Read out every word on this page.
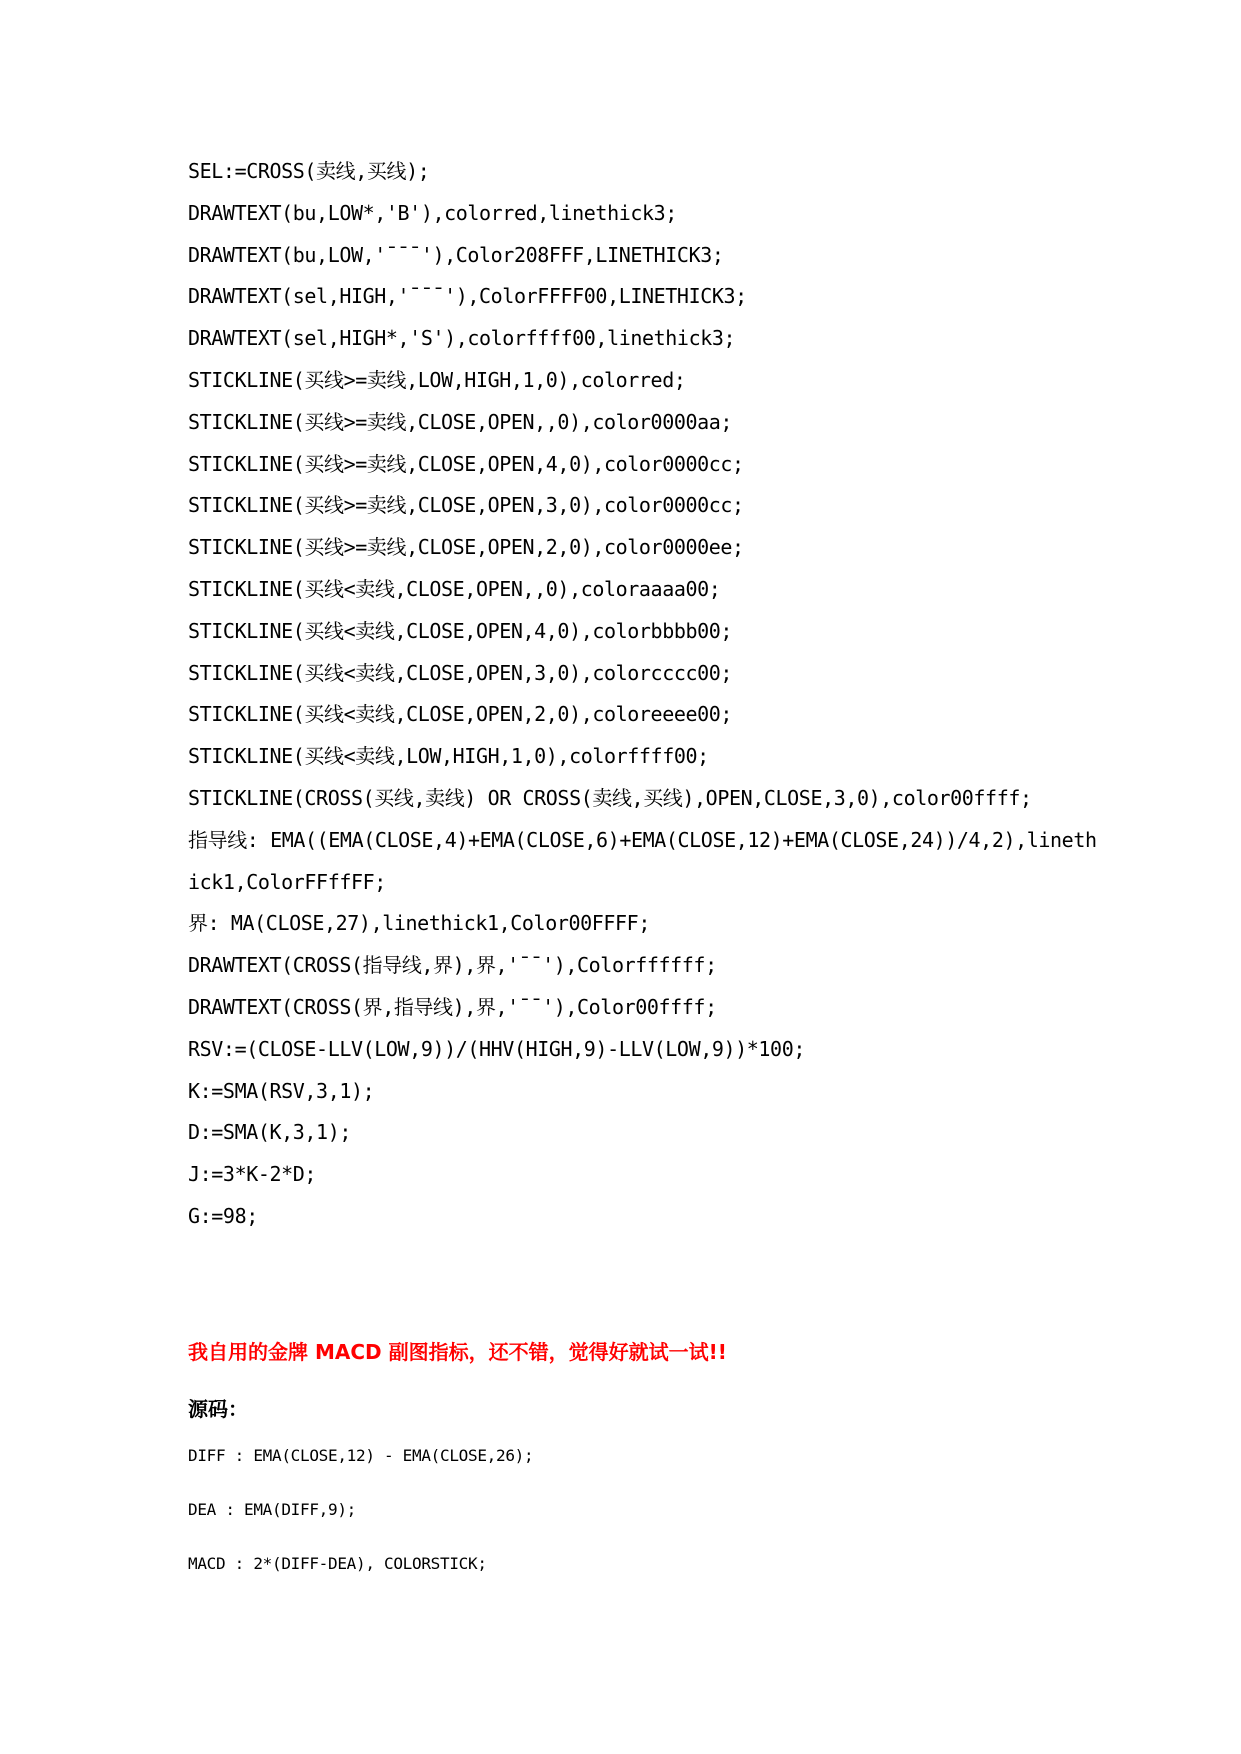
SEL:=CROSS(卖线,买线);
DRAWTEXT(bu,LOW*,'B'),colorred,linethick3;
DRAWTEXT(bu,LOW,'¯¯¯'),Color208FFF,LINETHICK3;
DRAWTEXT(sel,HIGH,'¯¯¯'),ColorFFFF00,LINETHICK3;
DRAWTEXT(sel,HIGH*,'S'),colorffff00,linethick3;
STICKLINE(买线>=卖线,LOW,HIGH,1,0),colorred;
STICKLINE(买线>=卖线,CLOSE,OPEN,,0),color0000aa;
STICKLINE(买线>=卖线,CLOSE,OPEN,4,0),color0000cc;
STICKLINE(买线>=卖线,CLOSE,OPEN,3,0),color0000cc;
STICKLINE(买线>=卖线,CLOSE,OPEN,2,0),color0000ee;
STICKLINE(买线<卖线,CLOSE,OPEN,,0),coloraaaa00;
STICKLINE(买线<卖线,CLOSE,OPEN,4,0),colorbbbb00;
STICKLINE(买线<卖线,CLOSE,OPEN,3,0),colorcccc00;
STICKLINE(买线<卖线,CLOSE,OPEN,2,0),coloreeee00;
STICKLINE(买线<卖线,LOW,HIGH,1,0),colorffff00;
STICKLINE(CROSS(买线,卖线) OR CROSS(卖线,买线),OPEN,CLOSE,3,0),color00ffff;
指导线: EMA((EMA(CLOSE,4)+EMA(CLOSE,6)+EMA(CLOSE,12)+EMA(CLOSE,24))/4,2),lineth
ick1,ColorFFffFF;
界: MA(CLOSE,27),linethick1,Color00FFFF;
DRAWTEXT(CROSS(指导线,界),界,'¯¯'),Colorffffff;
DRAWTEXT(CROSS(界,指导线),界,'¯¯'),Color00ffff;
RSV:=(CLOSE-LLV(LOW,9))/(HHV(HIGH,9)-LLV(LOW,9))*100;
K:=SMA(RSV,3,1);
D:=SMA(K,3,1);
J:=3*K-2*D;
G:=98;
我自用的金牌 MACD 副图指标，还不错，觉得好就试一试!!
源码：
DIFF : EMA(CLOSE,12) - EMA(CLOSE,26);
DEA : EMA(DIFF,9);
MACD : 2*(DIFF-DEA), COLORSTICK;
